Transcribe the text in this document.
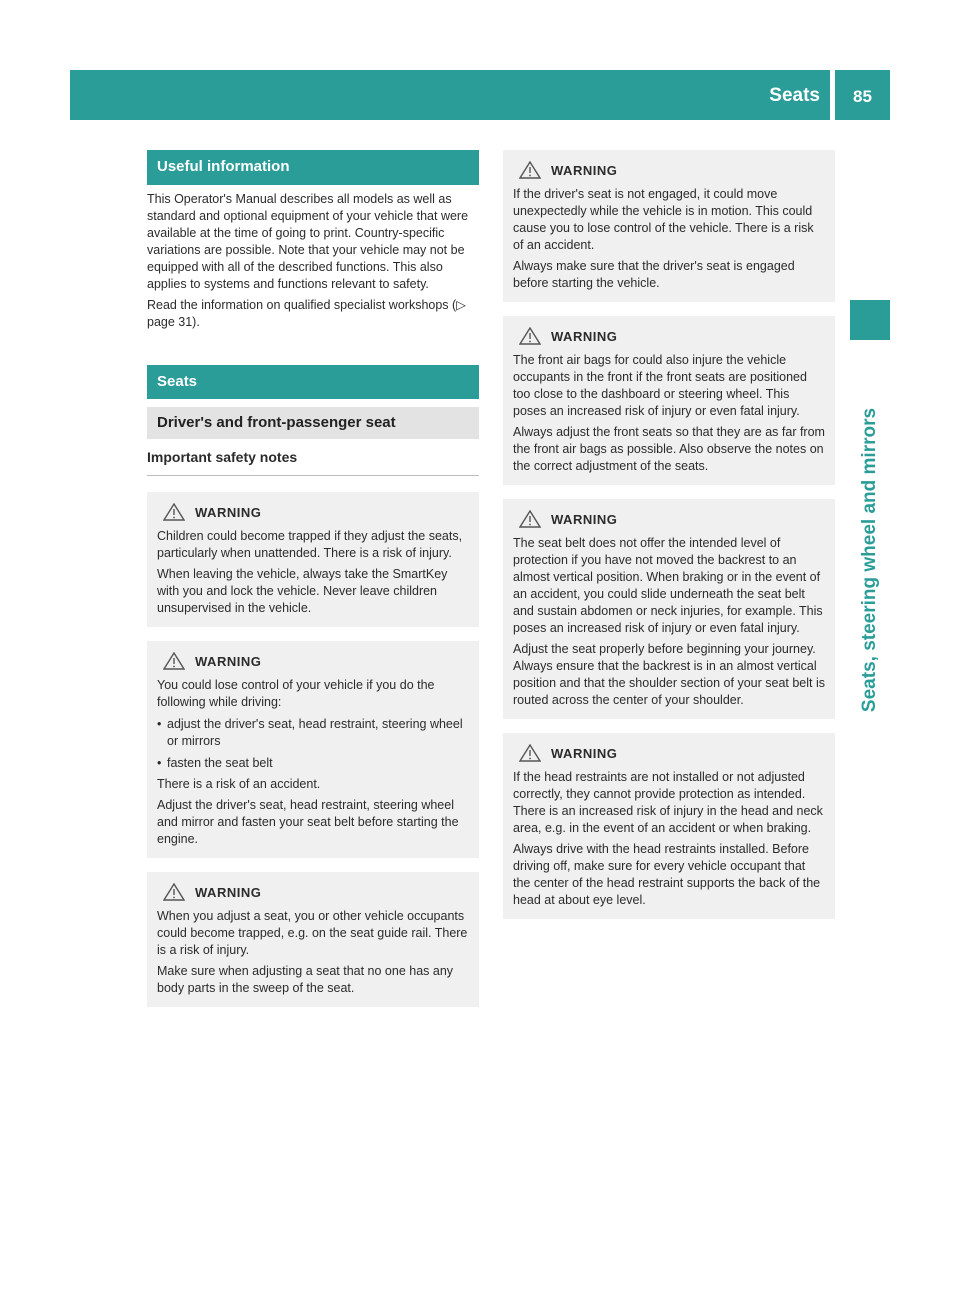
Seats	85
Seats, steering wheel and mirrors
Useful information

This Operator's Manual describes all models as well as standard and optional equipment of your vehicle that were available at the time of going to print. Country-specific variations are possible. Note that your vehicle may not be equipped with all of the described functions. This also applies to systems and functions relevant to safety.

Read the information on qualified specialist workshops (▷ page 31).

Seats
Driver's and front-passenger seat
Important safety notes
WARNING

Children could become trapped if they adjust the seats, particularly when unattended. There is a risk of injury.

When leaving the vehicle, always take the SmartKey with you and lock the vehicle. Never leave children unsupervised in the vehicle.

WARNING

You could lose control of your vehicle if you do the following while driving:

• adjust the driver's seat, head restraint, steering wheel or mirrors
• fasten the seat belt

There is a risk of an accident.

Adjust the driver's seat, head restraint, steering wheel and mirror and fasten your seat belt before starting the engine.

WARNING

When you adjust a seat, you or other vehicle occupants could become trapped, e.g. on the seat guide rail. There is a risk of injury.

Make sure when adjusting a seat that no one has any body parts in the sweep of the seat.

WARNING

If the driver's seat is not engaged, it could move unexpectedly while the vehicle is in motion. This could cause you to lose control of the vehicle. There is a risk of an accident.

Always make sure that the driver's seat is engaged before starting the vehicle.

WARNING

The front air bags for could also injure the vehicle occupants in the front if the front seats are positioned too close to the dashboard or steering wheel. This poses an increased risk of injury or even fatal injury.

Always adjust the front seats so that they are as far from the front air bags as possible. Also observe the notes on the correct adjustment of the seats.

WARNING

The seat belt does not offer the intended level of protection if you have not moved the backrest to an almost vertical position. When braking or in the event of an accident, you could slide underneath the seat belt and sustain abdomen or neck injuries, for example. This poses an increased risk of injury or even fatal injury.

Adjust the seat properly before beginning your journey. Always ensure that the backrest is in an almost vertical position and that the shoulder section of your seat belt is routed across the center of your shoulder.

WARNING

If the head restraints are not installed or not adjusted correctly, they cannot provide protection as intended. There is an increased risk of injury in the head and neck area, e.g. in the event of an accident or when braking.

Always drive with the head restraints installed. Before driving off, make sure for every vehicle occupant that the center of the head restraint supports the back of the head at about eye level.
